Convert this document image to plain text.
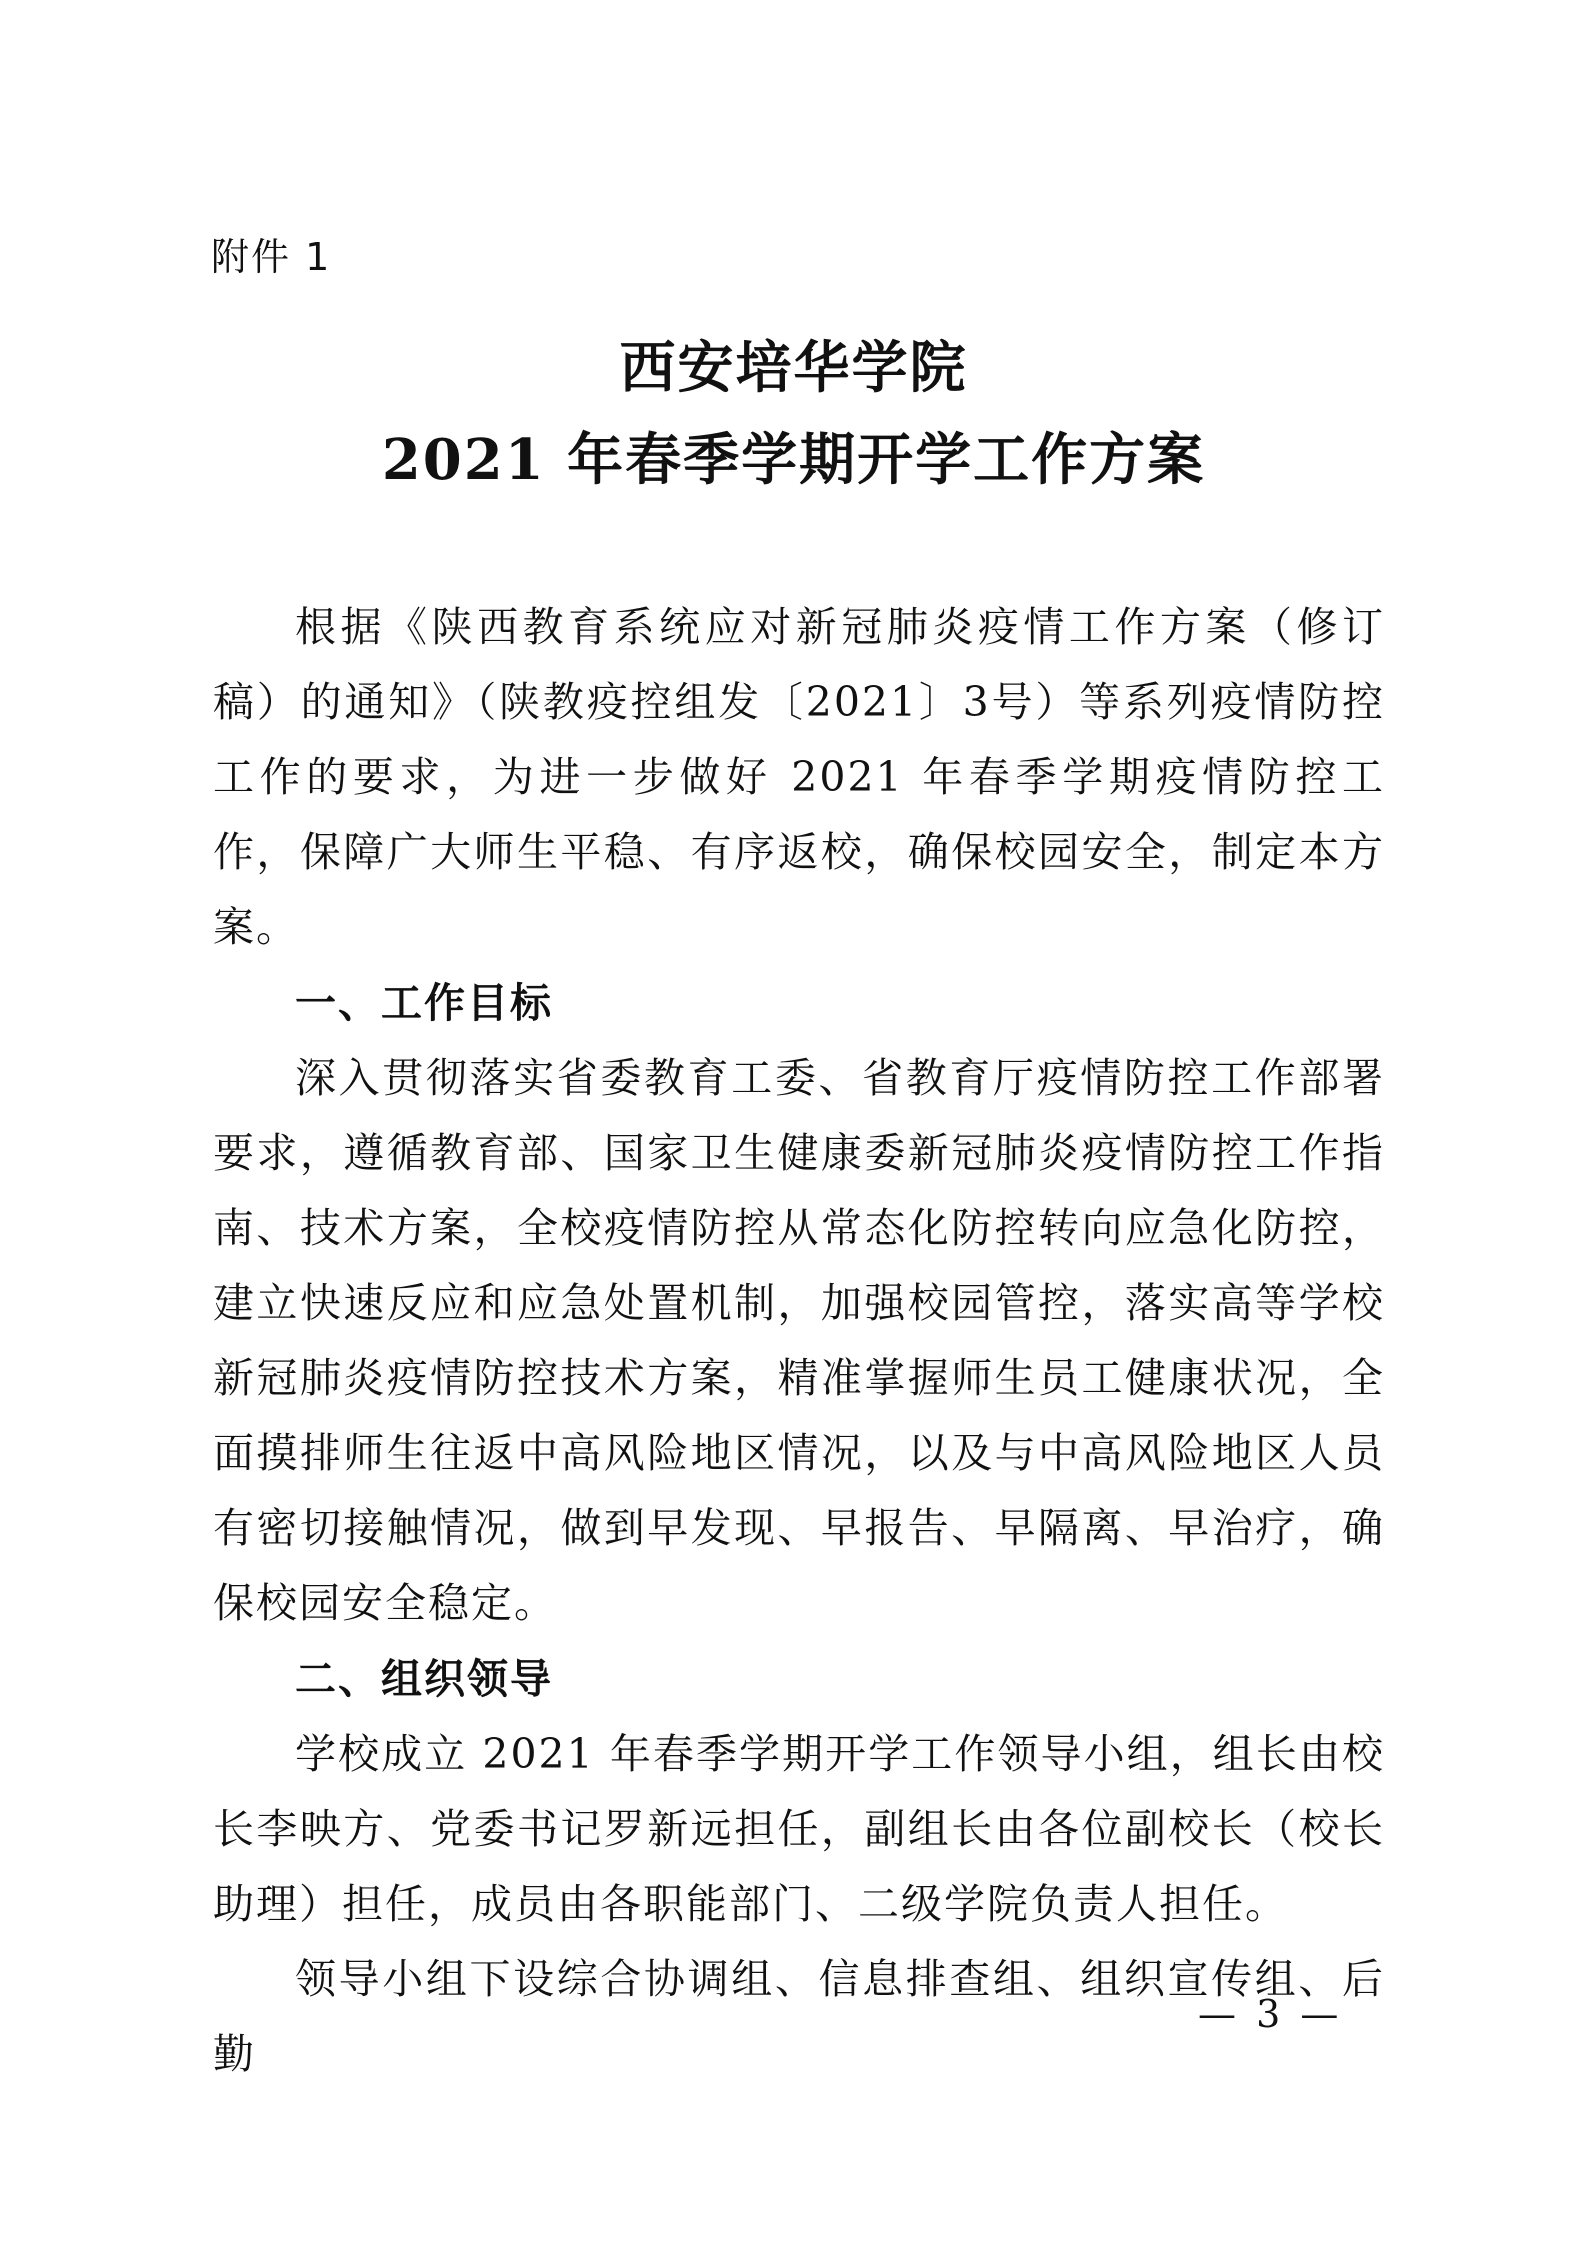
附件 1
西安培华学院
2021 年春季学期开学工作方案

根据《陕西教育系统应对新冠肺炎疫情工作方案（修订稿）的通知》（陕教疫控组发〔2021〕3号）等系列疫情防控工作的要求，为进一步做好 2021 年春季学期疫情防控工作，保障广大师生平稳、有序返校，确保校园安全，制定本方案。

一、工作目标

深入贯彻落实省委教育工委、省教育厅疫情防控工作部署要求，遵循教育部、国家卫生健康委新冠肺炎疫情防控工作指南、技术方案，全校疫情防控从常态化防控转向应急化防控，建立快速反应和应急处置机制，加强校园管控，落实高等学校新冠肺炎疫情防控技术方案，精准掌握师生员工健康状况，全面摸排师生往返中高风险地区情况，以及与中高风险地区人员有密切接触情况，做到早发现、早报告、早隔离、早治疗，确保校园安全稳定。

二、组织领导

学校成立 2021 年春季学期开学工作领导小组，组长由校长李映方、党委书记罗新远担任，副组长由各位副校长（校长助理）担任，成员由各职能部门、二级学院负责人担任。

领导小组下设综合协调组、信息排查组、组织宣传组、后勤

— 3 —
